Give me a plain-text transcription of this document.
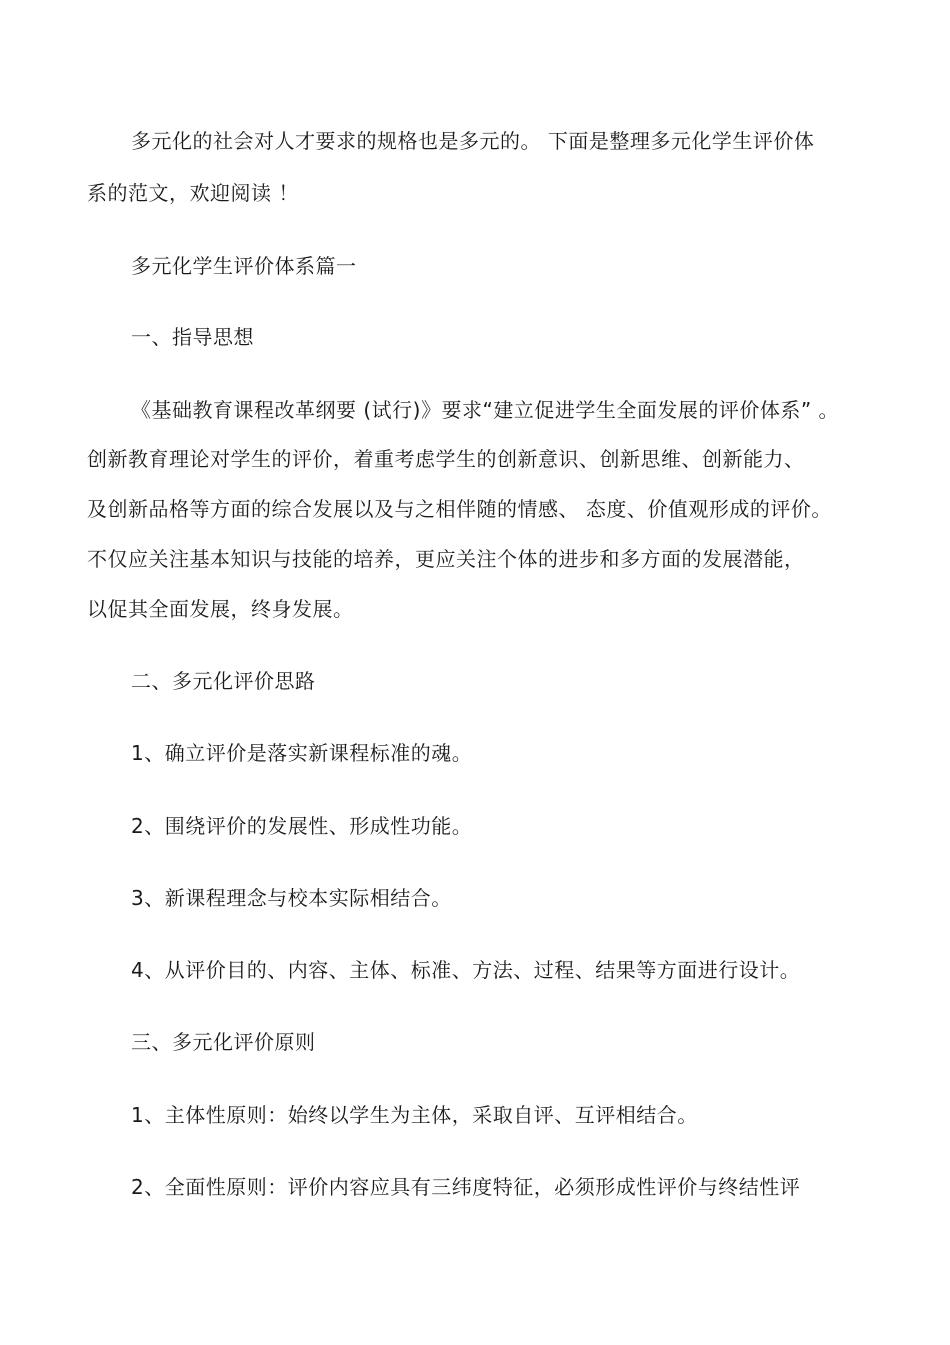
多元化的社会对人才要求的规格也是多元的。 下面是整理多元化学生评价体
系的范文，欢迎阅读 ！
多元化学生评价体系篇一
一、指导思想
《基础教育课程改革纲要 (试行)》要求“建立促进学生全面发展的评价体系” 。
创新教育理论对学生的评价，着重考虑学生的创新意识、创新思维、创新能力、
及创新品格等方面的综合发展以及与之相伴随的情感、 态度、价值观形成的评价。
不仅应关注基本知识与技能的培养，更应关注个体的进步和多方面的发展潜能，
以促其全面发展，终身发展。
二、多元化评价思路
1、确立评价是落实新课程标准的魂。
2、围绕评价的发展性、形成性功能。
3、新课程理念与校本实际相结合。
4、从评价目的、内容、主体、标准、方法、过程、结果等方面进行设计。
三、多元化评价原则
1、主体性原则：始终以学生为主体，采取自评、互评相结合。
2、全面性原则：评价内容应具有三纬度特征，必须形成性评价与终结性评
